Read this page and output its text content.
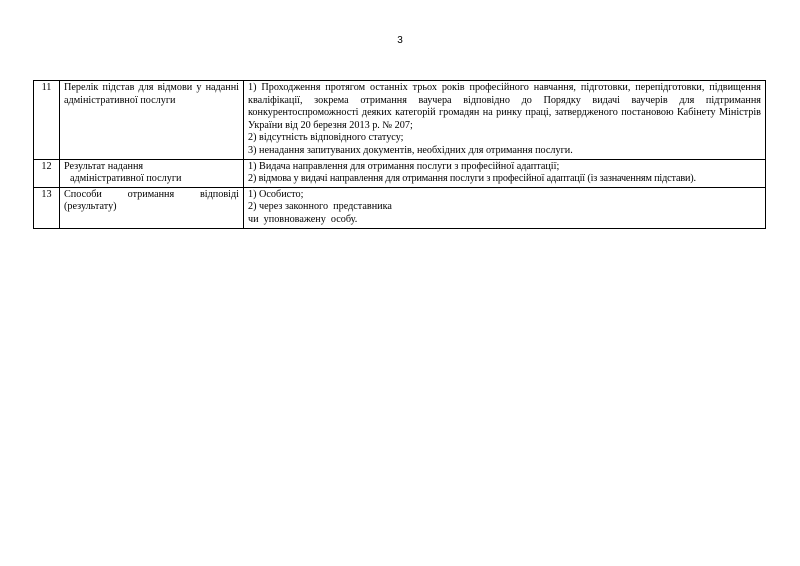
3
11	Перелік підстав для відмови у наданні адміністративної послуги	1) Проходження протягом останніх трьох років професійного навчання, підготовки, перепідготовки, підвищення кваліфікації, зокрема отримання ваучера відповідно до Порядку видачі ваучерів для підтримання конкурентоспроможності деяких категорій громадян на ринку праці, затвердженого постановою Кабінету Міністрів України від 20 березня 2013 р. № 207;
2) відсутність відповідного статусу;
3) ненадання запитуваних документів, необхідних для отримання послуги.

12	Результат надання
адміністративної послуги	1) Видача направлення для отримання послуги з професійної адаптації;
2) відмова у видачі направлення для отримання послуги з професійної адаптації (із зазначенням підстави).

13	Способи отримання відповіді (результату)	1) Особисто;
2) через законного  представника
чи  уповноважену  особу.
